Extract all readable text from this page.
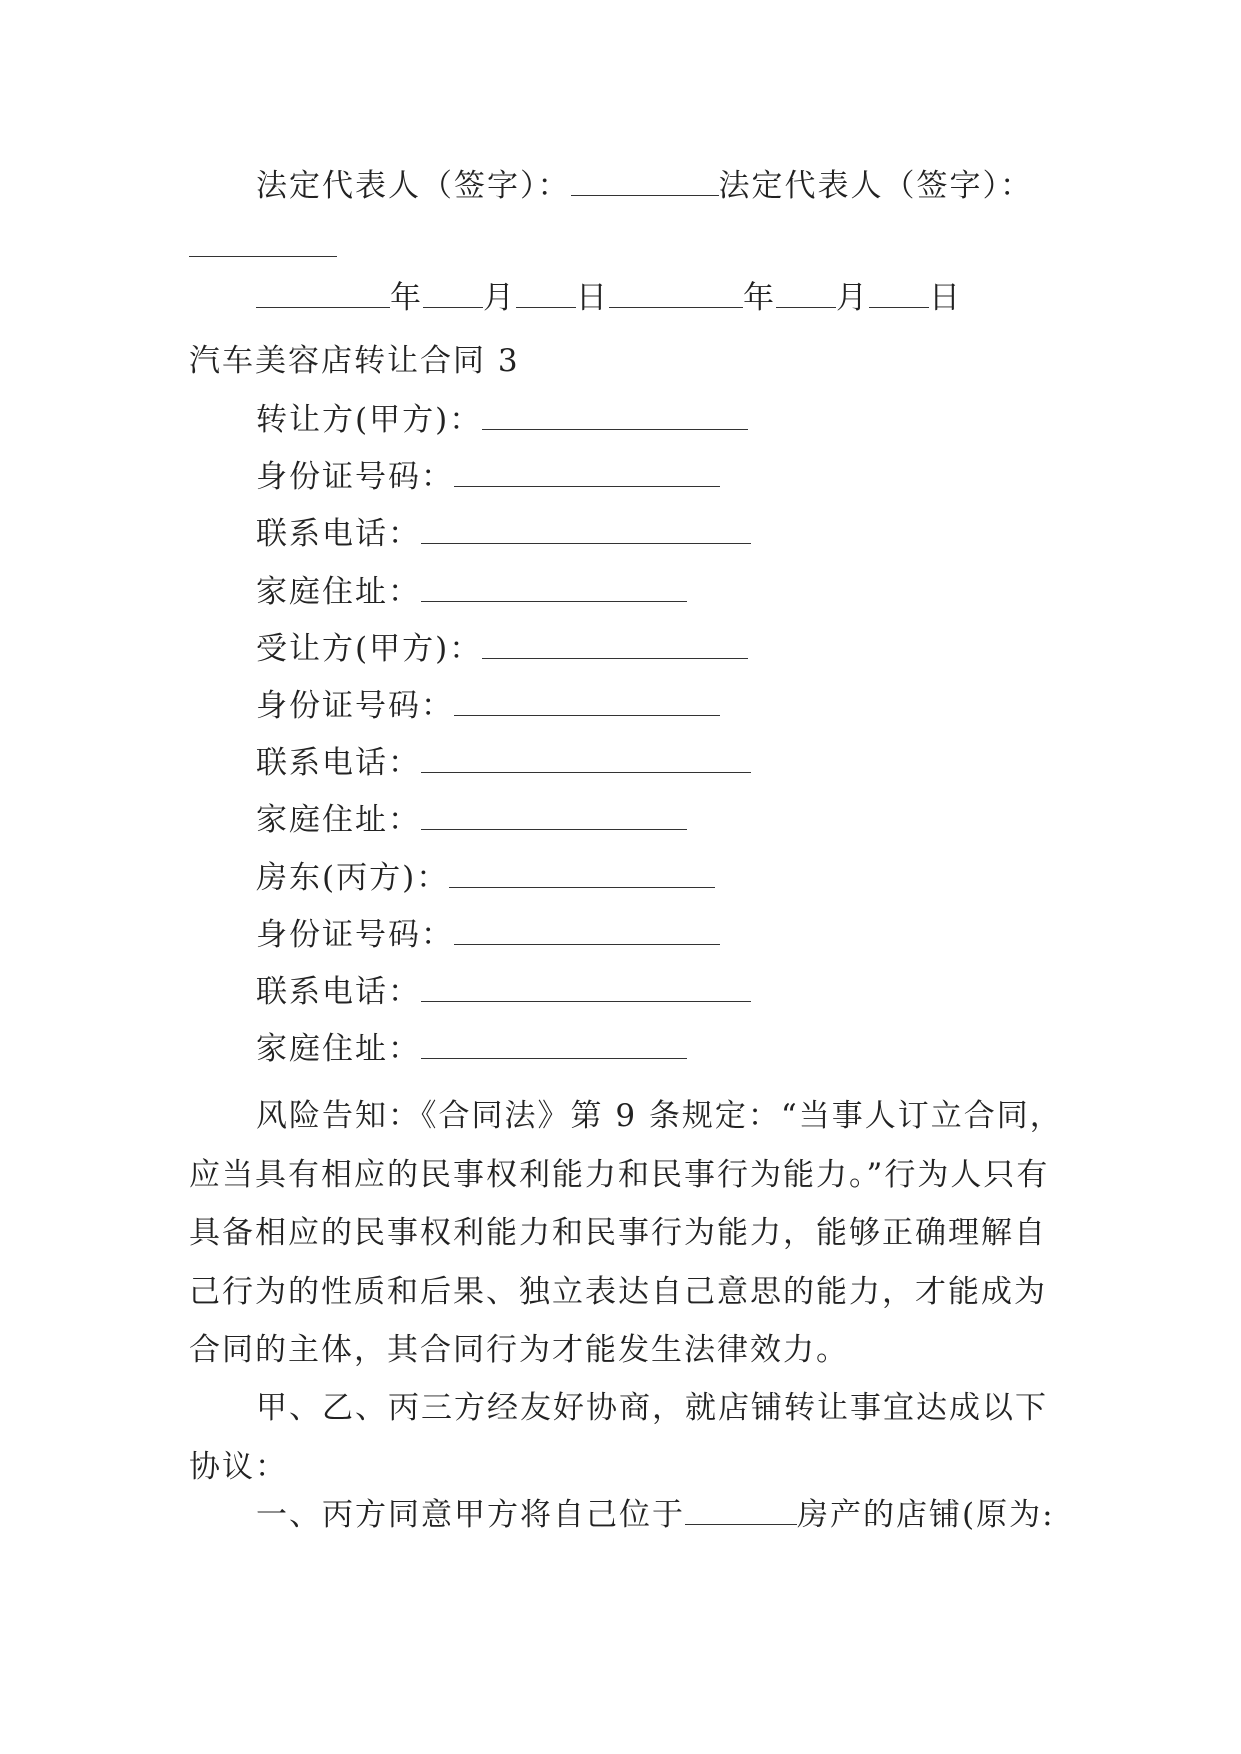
法定代表人（签字）：	法定代表人（签字）：
年 月 日	年 月 日
汽车美容店转让合同 3
转让方(甲方)：
身份证号码：
联系电话：
家庭住址：
受让方(甲方)：
身份证号码：
联系电话：
家庭住址：
房东(丙方)：
身份证号码：
联系电话：
家庭住址：
风险告知：《合同法》第 9 条规定：“当事人订立合同，应当具有相应的民事权利能力和民事行为能力。”行为人只有具备相应的民事权利能力和民事行为能力，能够正确理解自己行为的性质和后果、独立表达自己意思的能力，才能成为合同的主体，其合同行为才能发生法律效力。
甲、乙、丙三方经友好协商，就店铺转让事宜达成以下协议：
一、丙方同意甲方将自己位于	房产的店铺(原为:
